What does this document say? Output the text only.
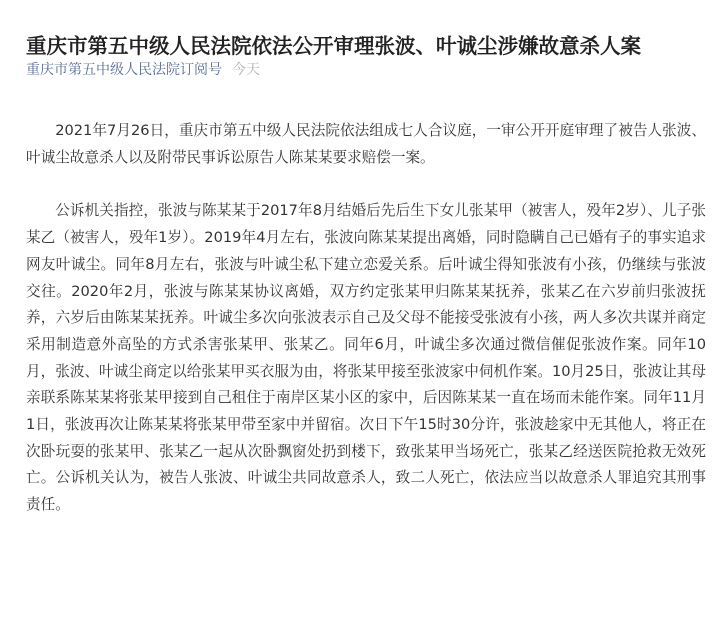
重庆市第五中级人民法院依法公开审理张波、叶诚尘涉嫌故意杀人案
重庆市第五中级人民法院订阅号 今天

2021年7月26日，重庆市第五中级人民法院依法组成七人合议庭，一审公开开庭审理了被告人张波、叶诚尘故意杀人以及附带民事诉讼原告人陈某某要求赔偿一案。

公诉机关指控，张波与陈某某于2017年8月结婚后先后生下女儿张某甲（被害人，殁年2岁）、儿子张某乙（被害人，殁年1岁）。2019年4月左右，张波向陈某某提出离婚，同时隐瞒自己已婚有子的事实追求网友叶诚尘。同年8月左右，张波与叶诚尘私下建立恋爱关系。后叶诚尘得知张波有小孩，仍继续与张波交往。2020年2月，张波与陈某某协议离婚，双方约定张某甲归陈某某抚养，张某乙在六岁前归张波抚养，六岁后由陈某某抚养。叶诚尘多次向张波表示自己及父母不能接受张波有小孩，两人多次共谋并商定采用制造意外高坠的方式杀害张某甲、张某乙。同年6月，叶诚尘多次通过微信催促张波作案。同年10月，张波、叶诚尘商定以给张某甲买衣服为由，将张某甲接至张波家中伺机作案。10月25日，张波让其母亲联系陈某某将张某甲接到自己租住于南岸区某小区的家中，后因陈某某一直在场而未能作案。同年11月1日，张波再次让陈某某将张某甲带至家中并留宿。次日下午15时30分许，张波趁家中无其他人，将正在次卧玩耍的张某甲、张某乙一起从次卧飘窗处扔到楼下，致张某甲当场死亡，张某乙经送医院抢救无效死亡。公诉机关认为，被告人张波、叶诚尘共同故意杀人，致二人死亡，依法应当以故意杀人罪追究其刑事责任。
